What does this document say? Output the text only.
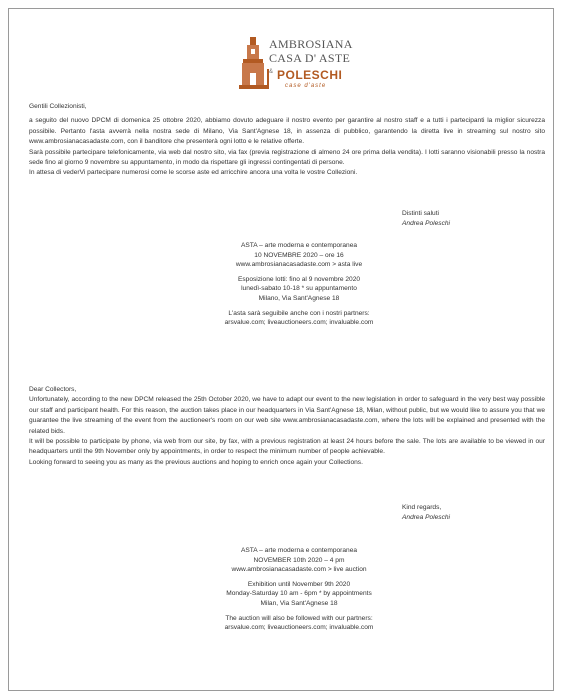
AMBROSIANA
CASA D' ASTE
& POLESCHI
case d'aste

Gentili Collezionisti,

a seguito del nuovo DPCM di domenica 25 ottobre 2020, abbiamo dovuto adeguare il nostro evento per garantire al nostro staff e a tutti i partecipanti la miglior sicurezza possibile. Pertanto l'asta avverrà nella nostra sede di Milano, Via Sant'Agnese 18, in assenza di pubblico, garantendo la diretta live in streaming sul nostro sito www.ambrosianacasadaste.com, con il banditore che presenterà ogni lotto e le relative offerte.

Sarà possibile partecipare telefonicamente, via web dal nostro sito, via fax (previa registrazione di almeno 24 ore prima della vendita). I lotti saranno visionabili presso la nostra sede fino al giorno 9 novembre su appuntamento, in modo da rispettare gli ingressi contingentati di persone.

In attesa di vederVi partecipare numerosi come le scorse aste ed arricchire ancora una volta le vostre Collezioni.

Distinti saluti
Andrea Poleschi

ASTA – arte moderna e contemporanea

10 NOVEMBRE 2020 – ore 16

www.ambrosianacasadaste.com > asta live

Esposizione lotti: fino al 9 novembre 2020

lunedì-sabato 10-18 * su appuntamento

Milano, Via Sant'Agnese 18

L'asta sarà seguibile anche con i nostri partners:

arsvalue.com; liveauctioneers.com; invaluable.com

Dear Collectors,

Unfortunately, according to the new DPCM released the 25th October 2020, we have to adapt our event to the new legislation in order to safeguard in the very best way possible our staff and participant health. For this reason, the auction takes place in our headquarters in Via Sant'Agnese 18, Milan, without public, but we would like to assure you that we guarantee the live streaming of the event from the auctioneer's room on our web site www.ambrosianacasadaste.com, where the lots will be explained and presented with the related bids.

It will be possible to participate by phone, via web from our site, by fax, with a previous registration at least 24 hours before the sale. The lots are available to be viewed in our headquarters until the 9th November only by appointments, in order to respect the minimum number of people achievable.

Looking forward to seeing you as many as the previous auctions and hoping to enrich once again your Collections.

Kind regards,
Andrea Poleschi

ASTA – arte moderna e contemporanea

NOVEMBER 10th 2020 – 4 pm

www.ambrosianacasadaste.com > live auction

Exhibition until November 9th 2020

Monday-Saturday 10 am - 6pm * by appointments

Milan, Via Sant'Agnese 18

The auction will also be followed with our partners:

arsvalue.com; liveauctioneers.com; invaluable.com
